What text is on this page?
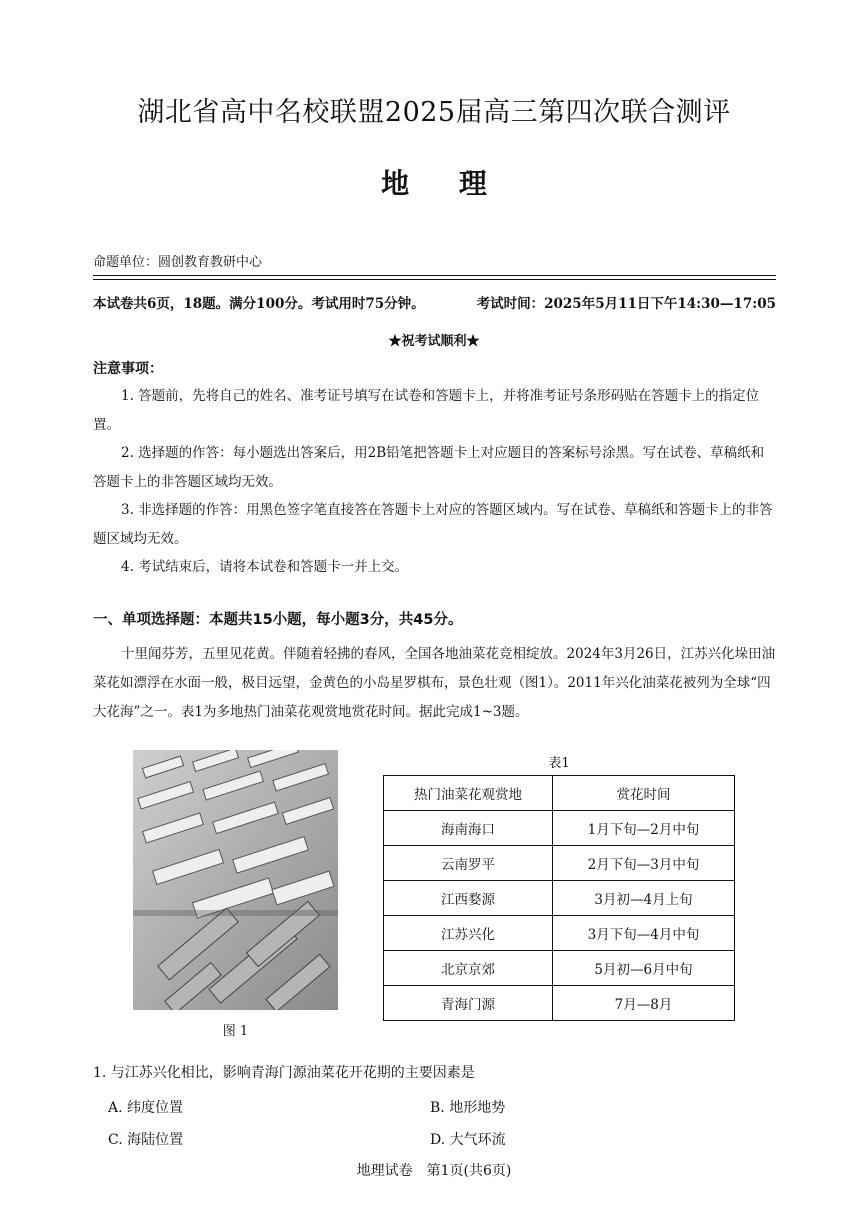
湖北省高中名校联盟2025届高三第四次联合测评
地 理
命题单位：圆创教育教研中心
本试卷共6页，18题。满分100分。考试用时75分钟。	考试时间：2025年5月11日下午14:30—17:05
★祝考试顺利★
注意事项：

1. 答题前，先将自己的姓名、准考证号填写在试卷和答题卡上，并将准考证号条形码贴在答题卡上的指定位置。

2. 选择题的作答：每小题选出答案后，用2B铅笔把答题卡上对应题目的答案标号涂黑。写在试卷、草稿纸和答题卡上的非答题区域均无效。

3. 非选择题的作答：用黑色签字笔直接答在答题卡上对应的答题区域内。写在试卷、草稿纸和答题卡上的非答题区域均无效。

4. 考试结束后，请将本试卷和答题卡一并上交。

一、单项选择题：本题共15小题，每小题3分，共45分。

十里闻芬芳，五里见花黄。伴随着轻拂的春风，全国各地油菜花竞相绽放。2024年3月26日，江苏兴化垛田油菜花如漂浮在水面一般，极目远望，金黄色的小岛星罗棋布，景色壮观（图1）。2011年兴化油菜花被列为全球“四大花海”之一。表1为多地热门油菜花观赏地赏花时间。据此完成1~3题。

图 1
表1
热门油菜花观赏地	赏花时间
海南海口	1月下旬—2月中旬
云南罗平	2月下旬—3月中旬
江西婺源	3月初—4月上旬
江苏兴化	3月下旬—4月中旬
北京京郊	5月初—6月中旬
青海门源	7月—8月
1. 与江苏兴化相比，影响青海门源油菜花开花期的主要因素是
A. 纬度位置	B. 地形地势
C. 海陆位置	D. 大气环流
地理试卷　第1页(共6页)
